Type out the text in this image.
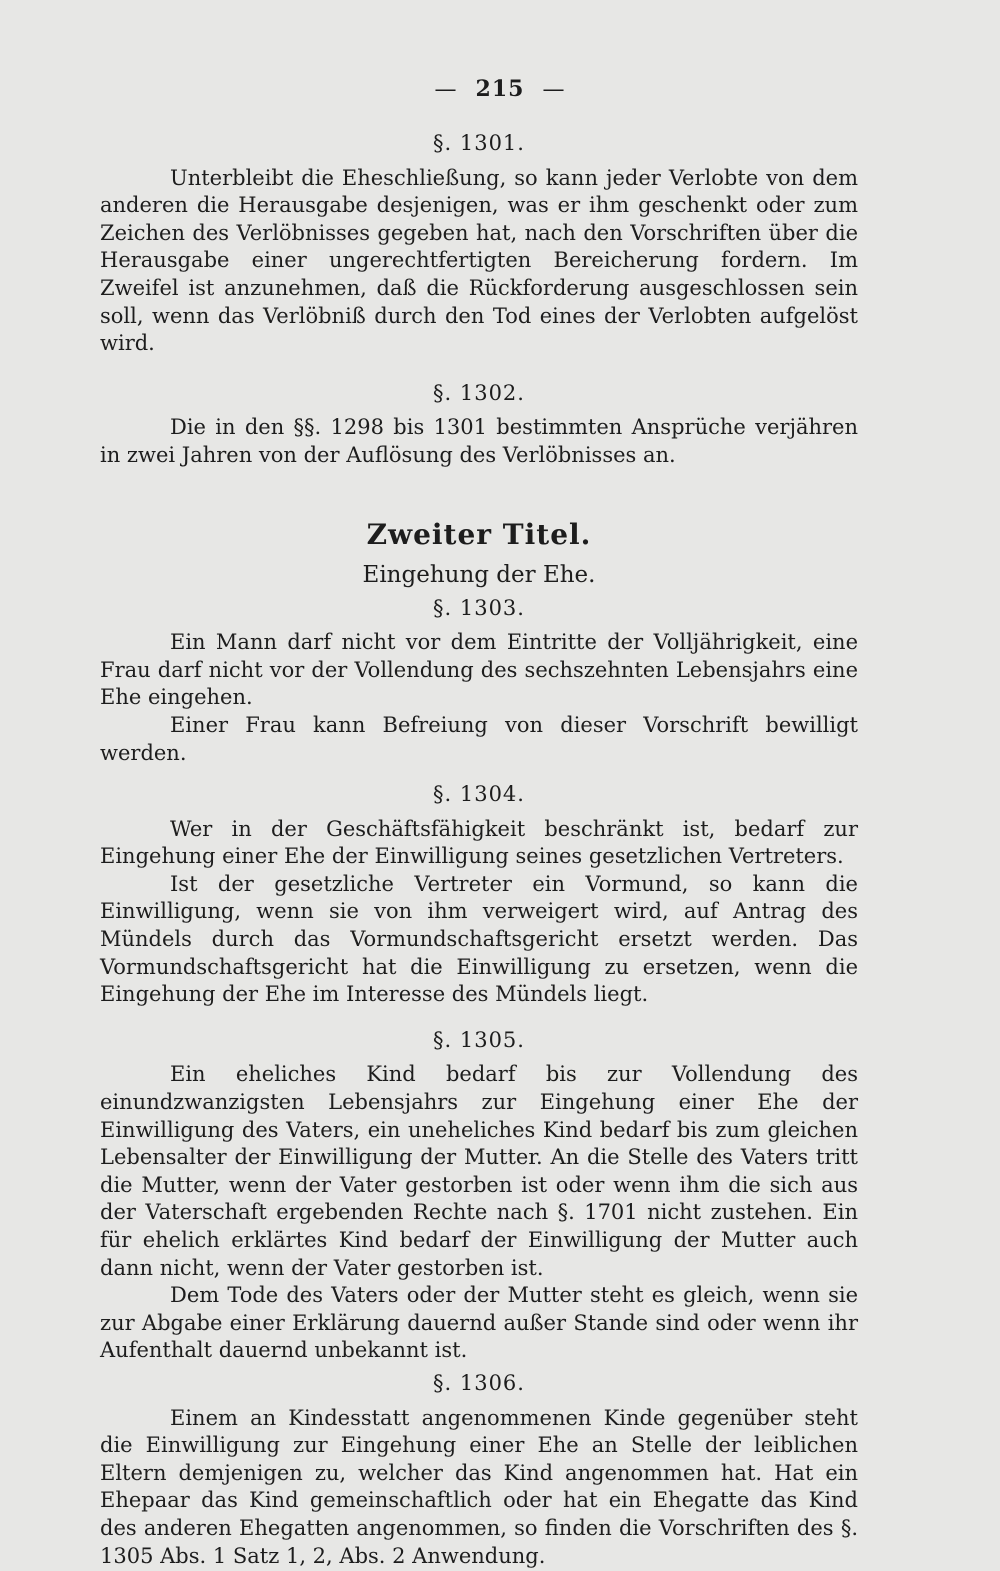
— 215 —
§. 1301.

Unterbleibt die Eheschließung, so kann jeder Verlobte von dem anderen die Herausgabe desjenigen, was er ihm geschenkt oder zum Zeichen des Verlöbnisses gegeben hat, nach den Vorschriften über die Herausgabe einer ungerechtfertigten Bereicherung fordern. Im Zweifel ist anzunehmen, daß die Rückforderung ausgeschlossen sein soll, wenn das Verlöbniß durch den Tod eines der Verlobten aufgelöst wird.

§. 1302.

Die in den §§. 1298 bis 1301 bestimmten Ansprüche verjähren in zwei Jahren von der Auflösung des Verlöbnisses an.

Zweiter Titel.
Eingehung der Ehe.
§. 1303.

Ein Mann darf nicht vor dem Eintritte der Volljährigkeit, eine Frau darf nicht vor der Vollendung des sechszehnten Lebensjahrs eine Ehe eingehen.

Einer Frau kann Befreiung von dieser Vorschrift bewilligt werden.

§. 1304.

Wer in der Geschäftsfähigkeit beschränkt ist, bedarf zur Eingehung einer Ehe der Einwilligung seines gesetzlichen Vertreters.

Ist der gesetzliche Vertreter ein Vormund, so kann die Einwilligung, wenn sie von ihm verweigert wird, auf Antrag des Mündels durch das Vormundschaftsgericht ersetzt werden. Das Vormundschaftsgericht hat die Einwilligung zu ersetzen, wenn die Eingehung der Ehe im Interesse des Mündels liegt.

§. 1305.

Ein eheliches Kind bedarf bis zur Vollendung des einundzwanzigsten Lebensjahrs zur Eingehung einer Ehe der Einwilligung des Vaters, ein uneheliches Kind bedarf bis zum gleichen Lebensalter der Einwilligung der Mutter. An die Stelle des Vaters tritt die Mutter, wenn der Vater gestorben ist oder wenn ihm die sich aus der Vaterschaft ergebenden Rechte nach §. 1701 nicht zustehen. Ein für ehelich erklärtes Kind bedarf der Einwilligung der Mutter auch dann nicht, wenn der Vater gestorben ist.

Dem Tode des Vaters oder der Mutter steht es gleich, wenn sie zur Abgabe einer Erklärung dauernd außer Stande sind oder wenn ihr Aufenthalt dauernd unbekannt ist.

§. 1306.

Einem an Kindesstatt angenommenen Kinde gegenüber steht die Einwilligung zur Eingehung einer Ehe an Stelle der leiblichen Eltern demjenigen zu, welcher das Kind angenommen hat. Hat ein Ehepaar das Kind gemeinschaftlich oder hat ein Ehegatte das Kind des anderen Ehegatten angenommen, so finden die Vorschriften des §. 1305 Abs. 1 Satz 1, 2, Abs. 2 Anwendung.
